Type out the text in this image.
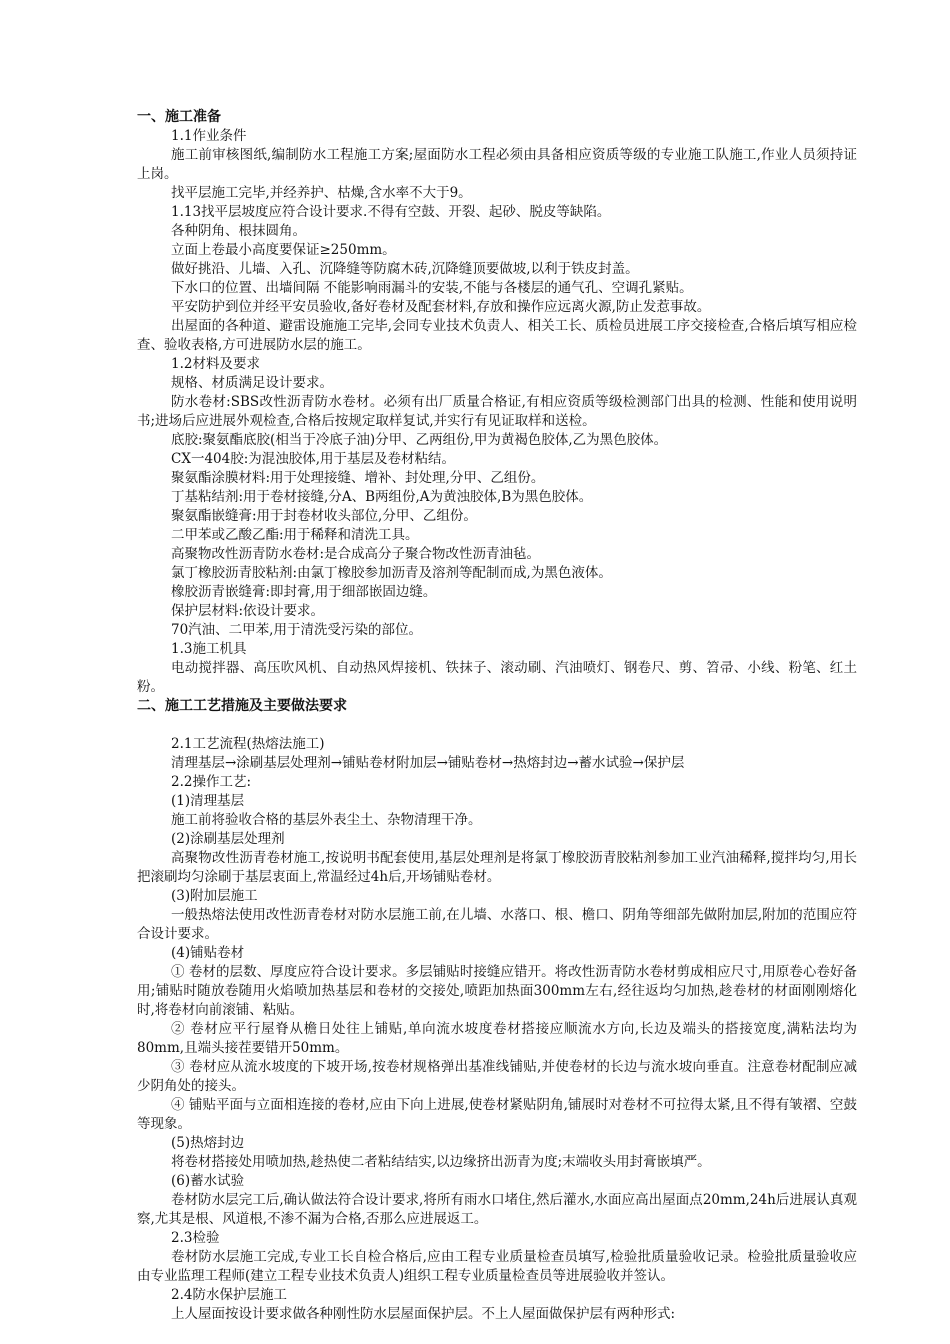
一、施工准备
1.1作业条件
施工前审核图纸,编制防水工程施工方案;屋面防水工程必须由具备相应资质等级的专业施工队施工,作业人员须持证上岗。
找平层施工完毕,并经养护、枯燥,含水率不大于9。
1.13找平层坡度应符合设计要求.不得有空鼓、开裂、起砂、脱皮等缺陷。
各种阴角、根抹圆角。
立面上卷最小高度要保证≥250mm。
做好挑沿、儿墙、入孔、沉降缝等防腐木砖,沉降缝顶要做坡,以利于铁皮封盖。
下水口的位置、出墙间隔 不能影响雨漏斗的安装,不能与各楼层的通气孔、空调孔紧贴。
平安防护到位并经平安员验收,备好卷材及配套材料,存放和操作应远离火源,防止发惹事故。
出屋面的各种道、避雷设施施工完毕,会同专业技术负责人、相关工长、质检员进展工序交接检查,合格后填写相应检查、验收表格,方可进展防水层的施工。
1.2材料及要求
规格、材质满足设计要求。
防水卷材:SBS改性沥青防水卷材。必须有出厂质量合格证,有相应资质等级检测部门出具的检测、性能和使用说明书;进场后应进展外观检查,合格后按规定取样复试,并实行有见证取样和送检。
底胶:聚氨酯底胶(相当于冷底子油)分甲、乙两组份,甲为黄褐色胶体,乙为黑色胶体。
CX一404胶:为混浊胶体,用于基层及卷材粘结。
聚氨酯涂膜材料:用于处理接缝、增补、封处理,分甲、乙组份。
丁基粘结剂:用于卷材接缝,分A、B两组份,A为黄浊胶体,B为黑色胶体。
聚氨酯嵌缝膏:用于封卷材收头部位,分甲、乙组份。
二甲苯或乙酸乙酯:用于稀释和清洗工具。
高聚物改性沥青防水卷材:是合成高分子聚合物改性沥青油毡。
氯丁橡胶沥青胶粘剂:由氯丁橡胶参加沥青及溶剂等配制而成,为黑色液体。
橡胶沥青嵌缝膏:即封膏,用于细部嵌固边缝。
保护层材料:依设计要求。
70汽油、二甲苯,用于清洗受污染的部位。
1.3施工机具
电动搅拌器、高压吹风机、自动热风焊接机、铁抹子、滚动刷、汽油喷灯、钢卷尺、剪、笤帚、小线、粉笔、红土粉。
二、施工工艺措施及主要做法要求
2.1工艺流程(热熔法施工)
清理基层→涂刷基层处理剂→铺贴卷材附加层→铺贴卷材→热熔封边→蓄水试验→保护层
2.2操作工艺:
(1)清理基层
施工前将验收合格的基层外表尘土、杂物清理干净。
(2)涂刷基层处理剂
高聚物改性沥青卷材施工,按说明书配套使用,基层处理剂是将氯丁橡胶沥青胶粘剂参加工业汽油稀释,搅拌均匀,用长把滚刷均匀涂刷于基层衷面上,常温经过4h后,开场铺贴卷材。
(3)附加层施工
一般热熔法使用改性沥青卷材对防水层施工前,在儿墙、水落口、根、檐口、阴角等细部先做附加层,附加的范围应符合设计要求。
(4)铺贴卷材
① 卷材的层数、厚度应符合设计要求。多层铺贴时接缝应错开。将改性沥青防水卷材剪成相应尺寸,用原卷心卷好备用;铺贴时随放卷随用火焰喷加热基层和卷材的交接处,喷距加热面300mm左右,经往返均匀加热,趁卷材的材面刚刚熔化时,将卷材向前滚铺、粘贴。
② 卷材应平行屋脊从檐日处往上铺贴,单向流水坡度卷材搭接应顺流水方向,长边及端头的搭接宽度,满粘法均为80mm,且端头接茬要错开50mm。
③ 卷材应从流水坡度的下坡开场,按卷材规格弹出基准线铺贴,并使卷材的长边与流水坡向垂直。注意卷材配制应减少阴角处的接头。
④ 铺贴平面与立面相连接的卷材,应由下向上进展,使卷材紧贴阴角,铺展时对卷材不可拉得太紧,且不得有皱褶、空鼓等现象。
(5)热熔封边
将卷材搭接处用喷加热,趁热使二者粘结结实,以边缘挤出沥青为度;末端收头用封膏嵌填严。
(6)蓄水试验
卷材防水层完工后,确认做法符合设计要求,将所有雨水口堵住,然后灌水,水面应高出屋面点20mm,24h后进展认真观察,尤其是根、风道根,不渗不漏为合格,否那么应进展返工。
2.3检验
卷材防水层施工完成,专业工长自检合格后,应由工程专业质量检查员填写,检验批质量验收记录。检验批质量验收应由专业监理工程师(建立工程专业技术负责人)组织工程专业质量检查员等进展验收并签认。
2.4防水保护层施工
上人屋面按设计要求做各种刚性防水层屋面保护层。不上人屋面做保护层有两种形式:
